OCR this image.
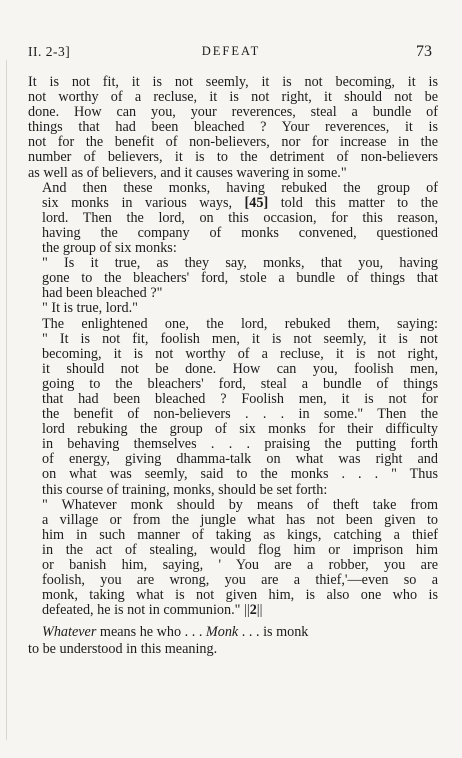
II. 2-3]	DEFEAT	73

It is not fit, it is not seemly, it is not becoming, it is
not worthy of a recluse, it is not right, it should not be
done. How can you, your reverences, steal a bundle of
things that had been bleached ? Your reverences, it is
not for the benefit of non-believers, nor for increase in the
number of believers, it is to the detriment of non-believers
as well as of believers, and it causes wavering in some."

And then these monks, having rebuked the group of
six monks in various ways, [45] told this matter to the
lord. Then the lord, on this occasion, for this reason,
having the company of monks convened, questioned
the group of six monks:

" Is it true, as they say, monks, that you, having
gone to the bleachers' ford, stole a bundle of things that
had been bleached ?"

" It is true, lord."

The enlightened one, the lord, rebuked them, saying:
" It is not fit, foolish men, it is not seemly, it is not
becoming, it is not worthy of a recluse, it is not right,
it should not be done. How can you, foolish men,
going to the bleachers' ford, steal a bundle of things
that had been bleached ? Foolish men, it is not for
the benefit of non-believers . . . in some." Then the
lord rebuking the group of six monks for their difficulty
in behaving themselves . . . praising the putting forth
of energy, giving dhamma-talk on what was right and
on what was seemly, said to the monks . . . " Thus
this course of training, monks, should be set forth:

" Whatever monk should by means of theft take from
a village or from the jungle what has not been given to
him in such manner of taking as kings, catching a thief
in the act of stealing, would flog him or imprison him
or banish him, saying, ' You are a robber, you are
foolish, you are wrong, you are a thief,'—even so a
monk, taking what is not given him, is also one who is
defeated, he is not in communion." ||2||

Whatever means he who . . . Monk . . . is monk
to be understood in this meaning.
